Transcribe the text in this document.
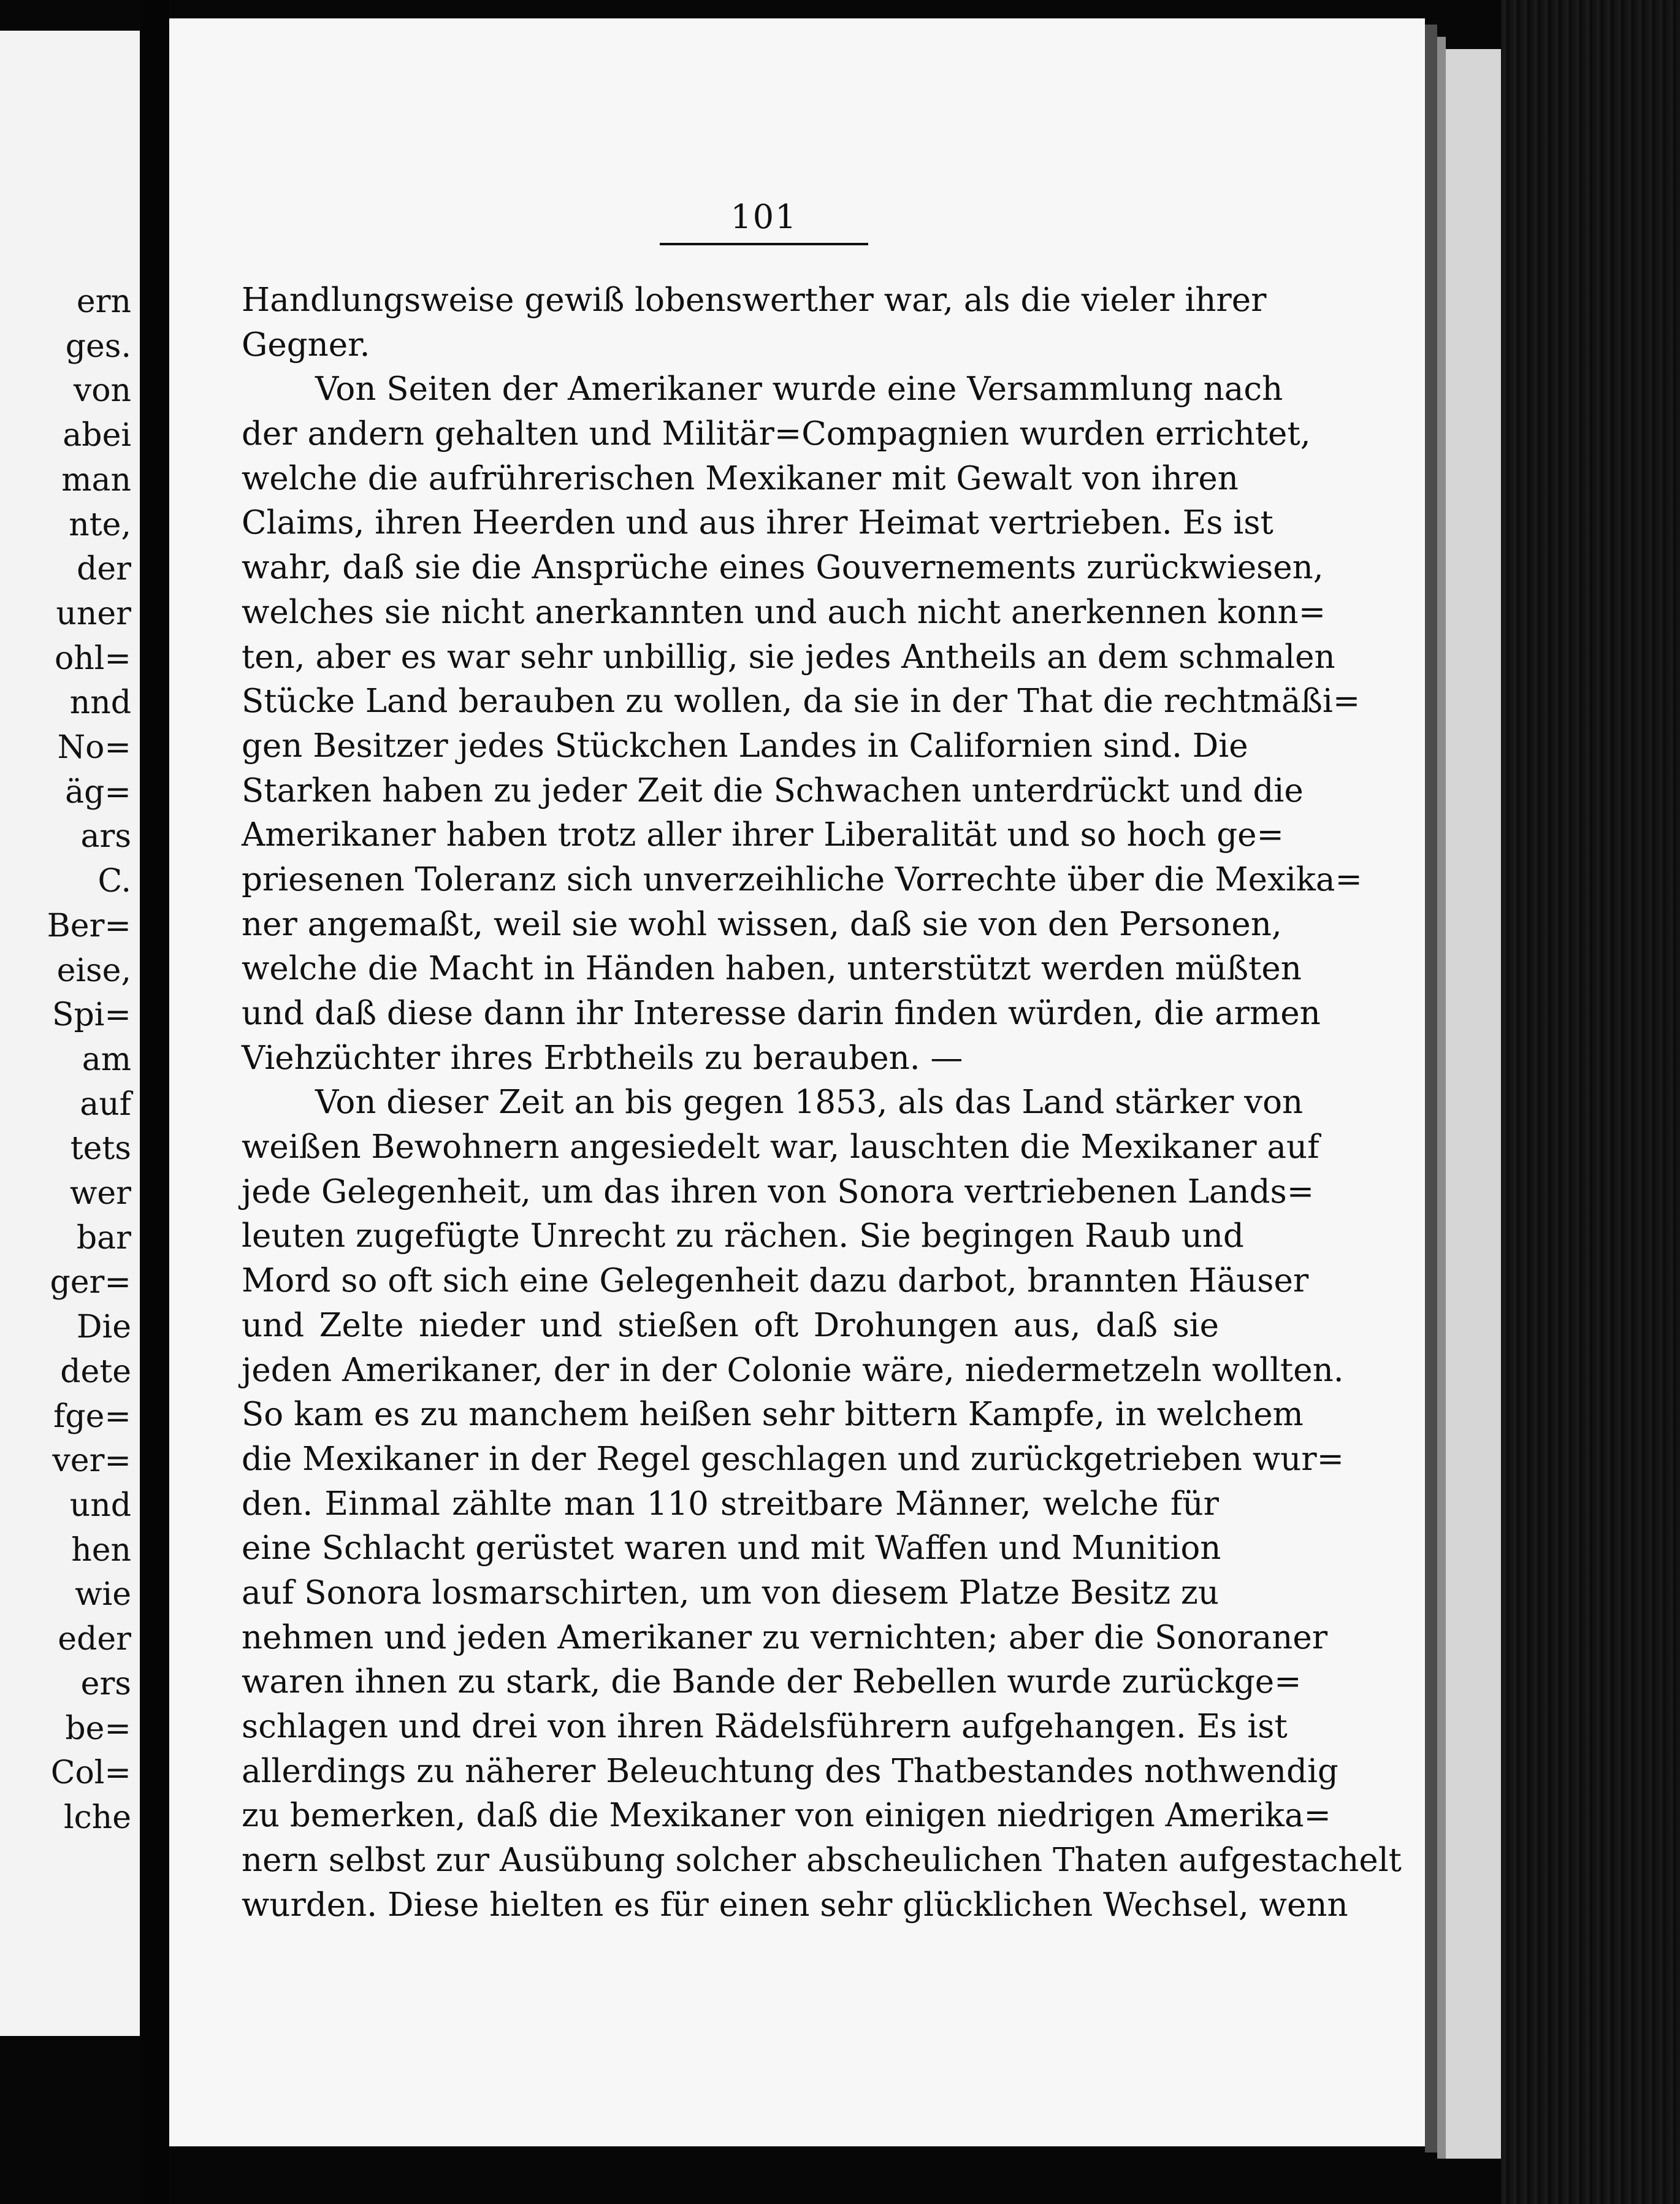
ern
ges.
von
abei
man
nte,
der
uner
ohl=
nnd
No=
äg=
ars
C.
Ber=
eise,
Spi=
am
auf
tets
wer
bar
ger=
Die
dete
fge=
ver=
und
hen
wie
eder
ers
be=
Col=
lche
101
Handlungsweise gewiß lobenswerther war, als die vieler ihrer
Gegner.
Von Seiten der Amerikaner wurde eine Versammlung nach
der andern gehalten und Militär=Compagnien wurden errichtet,
welche die aufrührerischen Mexikaner mit Gewalt von ihren
Claims, ihren Heerden und aus ihrer Heimat vertrieben. Es ist
wahr, daß sie die Ansprüche eines Gouvernements zurückwiesen,
welches sie nicht anerkannten und auch nicht anerkennen konn=
ten, aber es war sehr unbillig, sie jedes Antheils an dem schmalen
Stücke Land berauben zu wollen, da sie in der That die rechtmäßi=
gen Besitzer jedes Stückchen Landes in Californien sind. Die
Starken haben zu jeder Zeit die Schwachen unterdrückt und die
Amerikaner haben trotz aller ihrer Liberalität und so hoch ge=
priesenen Toleranz sich unverzeihliche Vorrechte über die Mexika=
ner angemaßt, weil sie wohl wissen, daß sie von den Personen,
welche die Macht in Händen haben, unterstützt werden müßten
und daß diese dann ihr Interesse darin finden würden, die armen
Viehzüchter ihres Erbtheils zu berauben. —
Von dieser Zeit an bis gegen 1853, als das Land stärker von
weißen Bewohnern angesiedelt war, lauschten die Mexikaner auf
jede Gelegenheit, um das ihren von Sonora vertriebenen Lands=
leuten zugefügte Unrecht zu rächen. Sie begingen Raub und
Mord so oft sich eine Gelegenheit dazu darbot, brannten Häuser
und Zelte nieder und stießen oft Drohungen aus, daß sie
jeden Amerikaner, der in der Colonie wäre, niedermetzeln wollten.
So kam es zu manchem heißen sehr bittern Kampfe, in welchem
die Mexikaner in der Regel geschlagen und zurückgetrieben wur=
den. Einmal zählte man 110 streitbare Männer, welche für
eine Schlacht gerüstet waren und mit Waffen und Munition
auf Sonora losmarschirten, um von diesem Platze Besitz zu
nehmen und jeden Amerikaner zu vernichten; aber die Sonoraner
waren ihnen zu stark, die Bande der Rebellen wurde zurückge=
schlagen und drei von ihren Rädelsführern aufgehangen. Es ist
allerdings zu näherer Beleuchtung des Thatbestandes nothwendig
zu bemerken, daß die Mexikaner von einigen niedrigen Amerika=
nern selbst zur Ausübung solcher abscheulichen Thaten aufgestachelt
wurden. Diese hielten es für einen sehr glücklichen Wechsel, wenn
